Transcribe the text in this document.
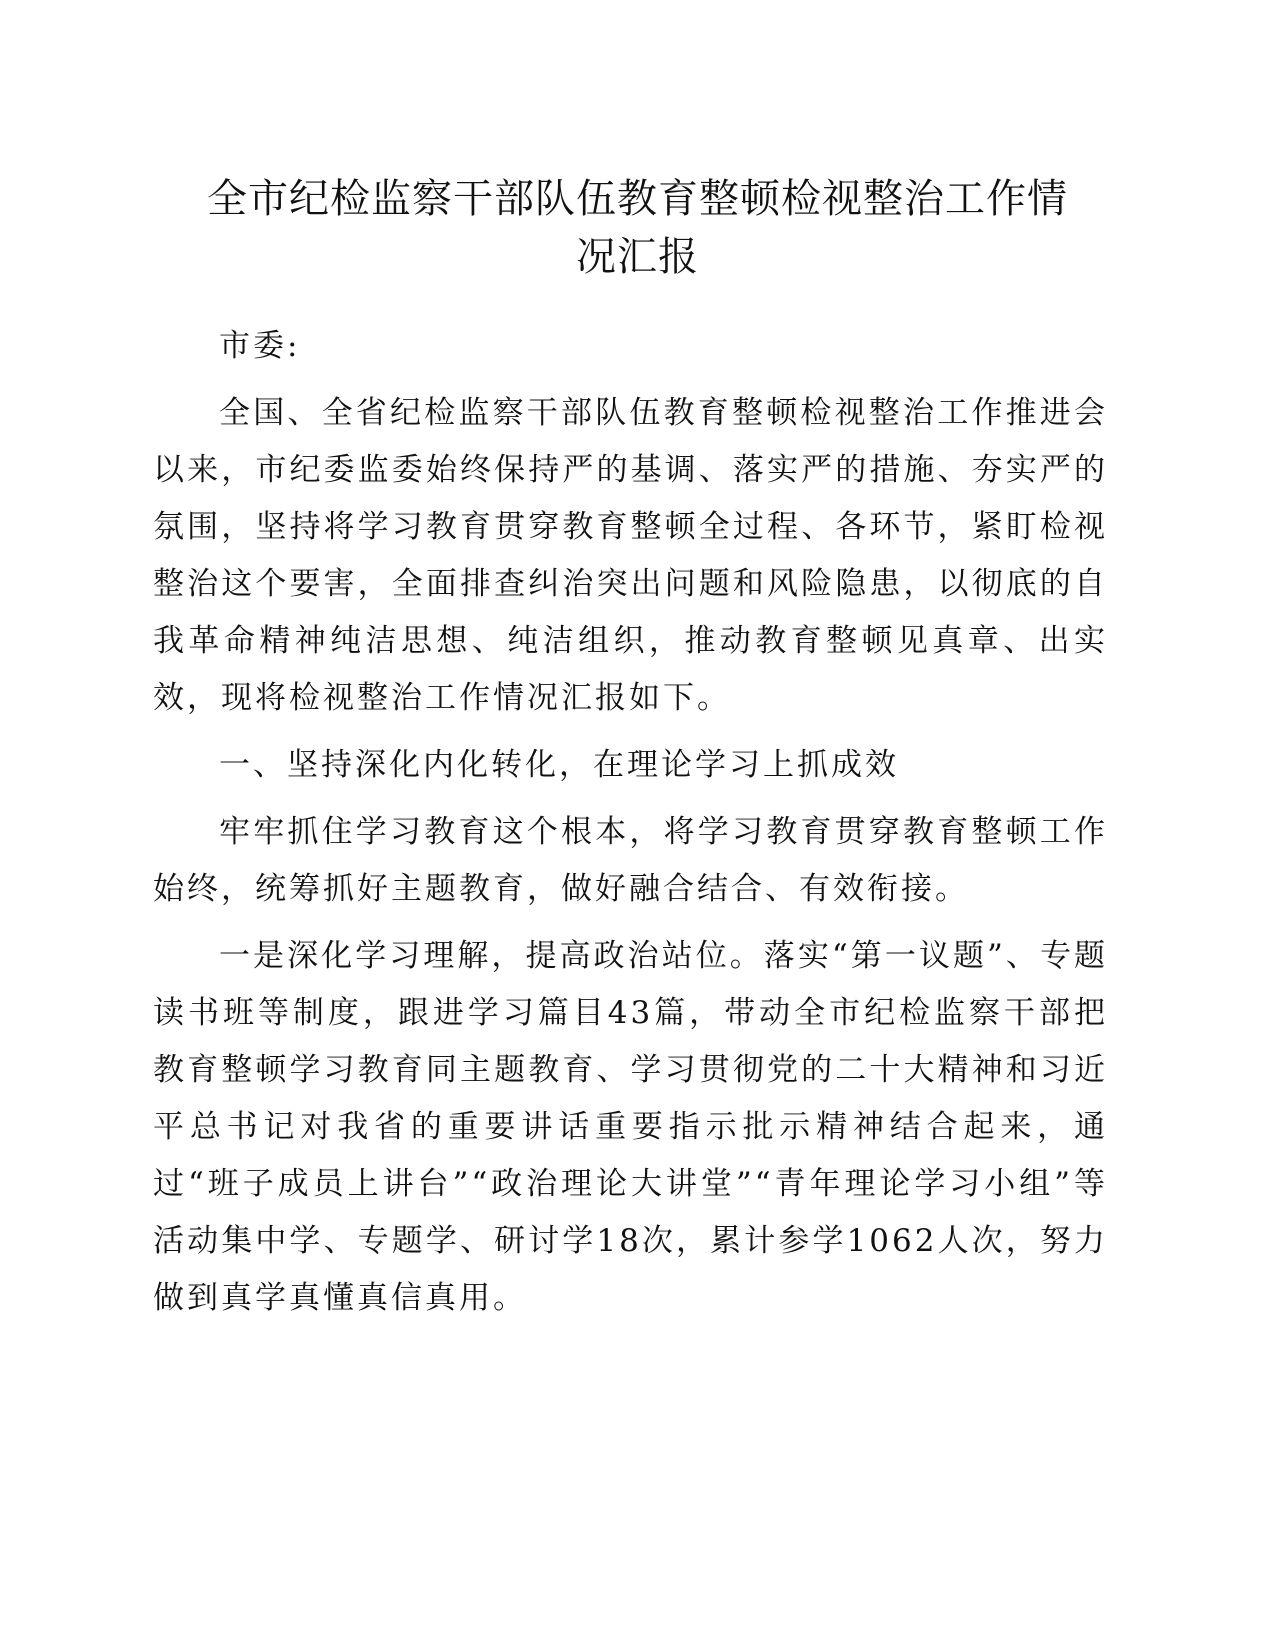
全市纪检监察干部队伍教育整顿检视整治工作情
况汇报

市委:

全国、全省纪检监察干部队伍教育整顿检视整治工作推进会以来，市纪委监委始终保持严的基调、落实严的措施、夯实严的氛围，坚持将学习教育贯穿教育整顿全过程、各环节，紧盯检视整治这个要害，全面排查纠治突出问题和风险隐患，以彻底的自我革命精神纯洁思想、纯洁组织，推动教育整顿见真章、出实效，现将检视整治工作情况汇报如下。

一、坚持深化内化转化，在理论学习上抓成效

牢牢抓住学习教育这个根本，将学习教育贯穿教育整顿工作始终，统筹抓好主题教育，做好融合结合、有效衔接。

一是深化学习理解，提高政治站位。落实“第一议题”、专题读书班等制度，跟进学习篇目43篇，带动全市纪检监察干部把教育整顿学习教育同主题教育、学习贯彻党的二十大精神和习近平总书记对我省的重要讲话重要指示批示精神结合起来，通过“班子成员上讲台”“政治理论大讲堂”“青年理论学习小组”等活动集中学、专题学、研讨学18次，累计参学1062人次，努力做到真学真懂真信真用。
